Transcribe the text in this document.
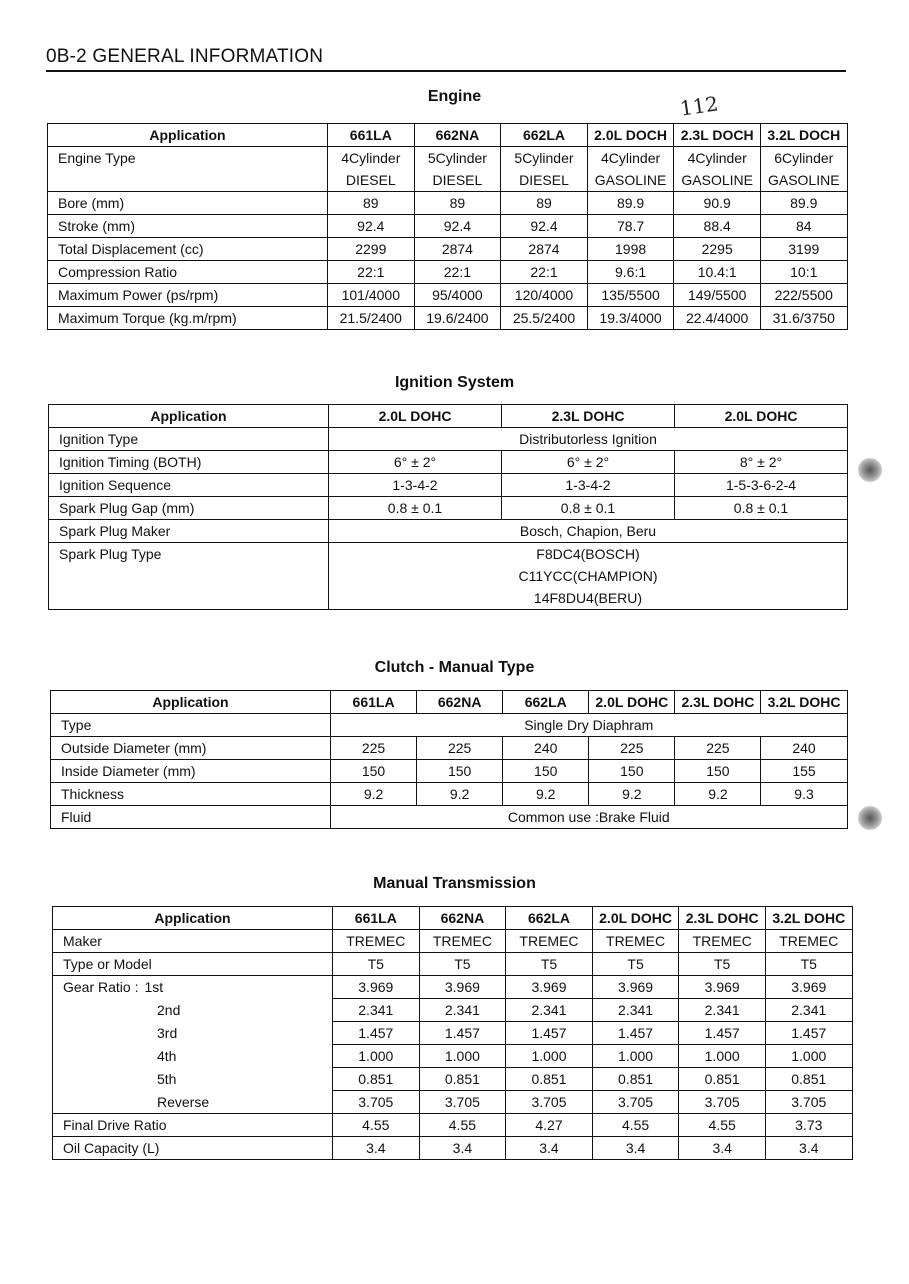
0B-2 GENERAL INFORMATION
112
Engine
Application	661LA	662NA	662LA	2.0L DOCH	2.3L DOCH	3.2L DOCH
Engine Type	4Cylinder	5Cylinder	5Cylinder	4Cylinder	4Cylinder	6Cylinder
	DIESEL	DIESEL	DIESEL	GASOLINE	GASOLINE	GASOLINE
Bore (mm)	89	89	89	89.9	90.9	89.9
Stroke (mm)	92.4	92.4	92.4	78.7	88.4	84
Total Displacement (cc)	2299	2874	2874	1998	2295	3199
Compression Ratio	22:1	22:1	22:1	9.6:1	10.4:1	10:1
Maximum Power (ps/rpm)	101/4000	95/4000	120/4000	135/5500	149/5500	222/5500
Maximum Torque (kg.m/rpm)	21.5/2400	19.6/2400	25.5/2400	19.3/4000	22.4/4000	31.6/3750
Ignition System
Application	2.0L DOHC	2.3L DOHC	2.0L DOHC
Ignition Type	Distributorless Ignition		
Ignition Timing (BOTH)	6° ± 2°	6° ± 2°	8° ± 2°
Ignition Sequence	1-3-4-2	1-3-4-2	1-5-3-6-2-4
Spark Plug Gap (mm)	0.8 ± 0.1	0.8 ± 0.1	0.8 ± 0.1
Spark Plug Maker	Bosch, Chapion, Beru		
Spark Plug Type	F8DC4(BOSCH)		
	C11YCC(CHAMPION)		
	14F8DU4(BERU)		
Clutch - Manual Type
Application	661LA	662NA	662LA	2.0L DOHC	2.3L DOHC	3.2L DOHC
Type	Single Dry Diaphram					
Outside Diameter (mm)	225	225	240	225	225	240
Inside Diameter (mm)	150	150	150	150	150	155
Thickness	9.2	9.2	9.2	9.2	9.2	9.3
Fluid	Common use :Brake Fluid					
Manual Transmission
Application	661LA	662NA	662LA	2.0L DOHC	2.3L DOHC	3.2L DOHC
Maker	TREMEC	TREMEC	TREMEC	TREMEC	TREMEC	TREMEC
Type or Model	T5	T5	T5	T5	T5	T5
Gear Ratio : 1st	3.969	3.969	3.969	3.969	3.969	3.969
2nd	2.341	2.341	2.341	2.341	2.341	2.341
3rd	1.457	1.457	1.457	1.457	1.457	1.457
4th	1.000	1.000	1.000	1.000	1.000	1.000
5th	0.851	0.851	0.851	0.851	0.851	0.851
Reverse	3.705	3.705	3.705	3.705	3.705	3.705
Final Drive Ratio	4.55	4.55	4.27	4.55	4.55	3.73
Oil Capacity (L)	3.4	3.4	3.4	3.4	3.4	3.4
